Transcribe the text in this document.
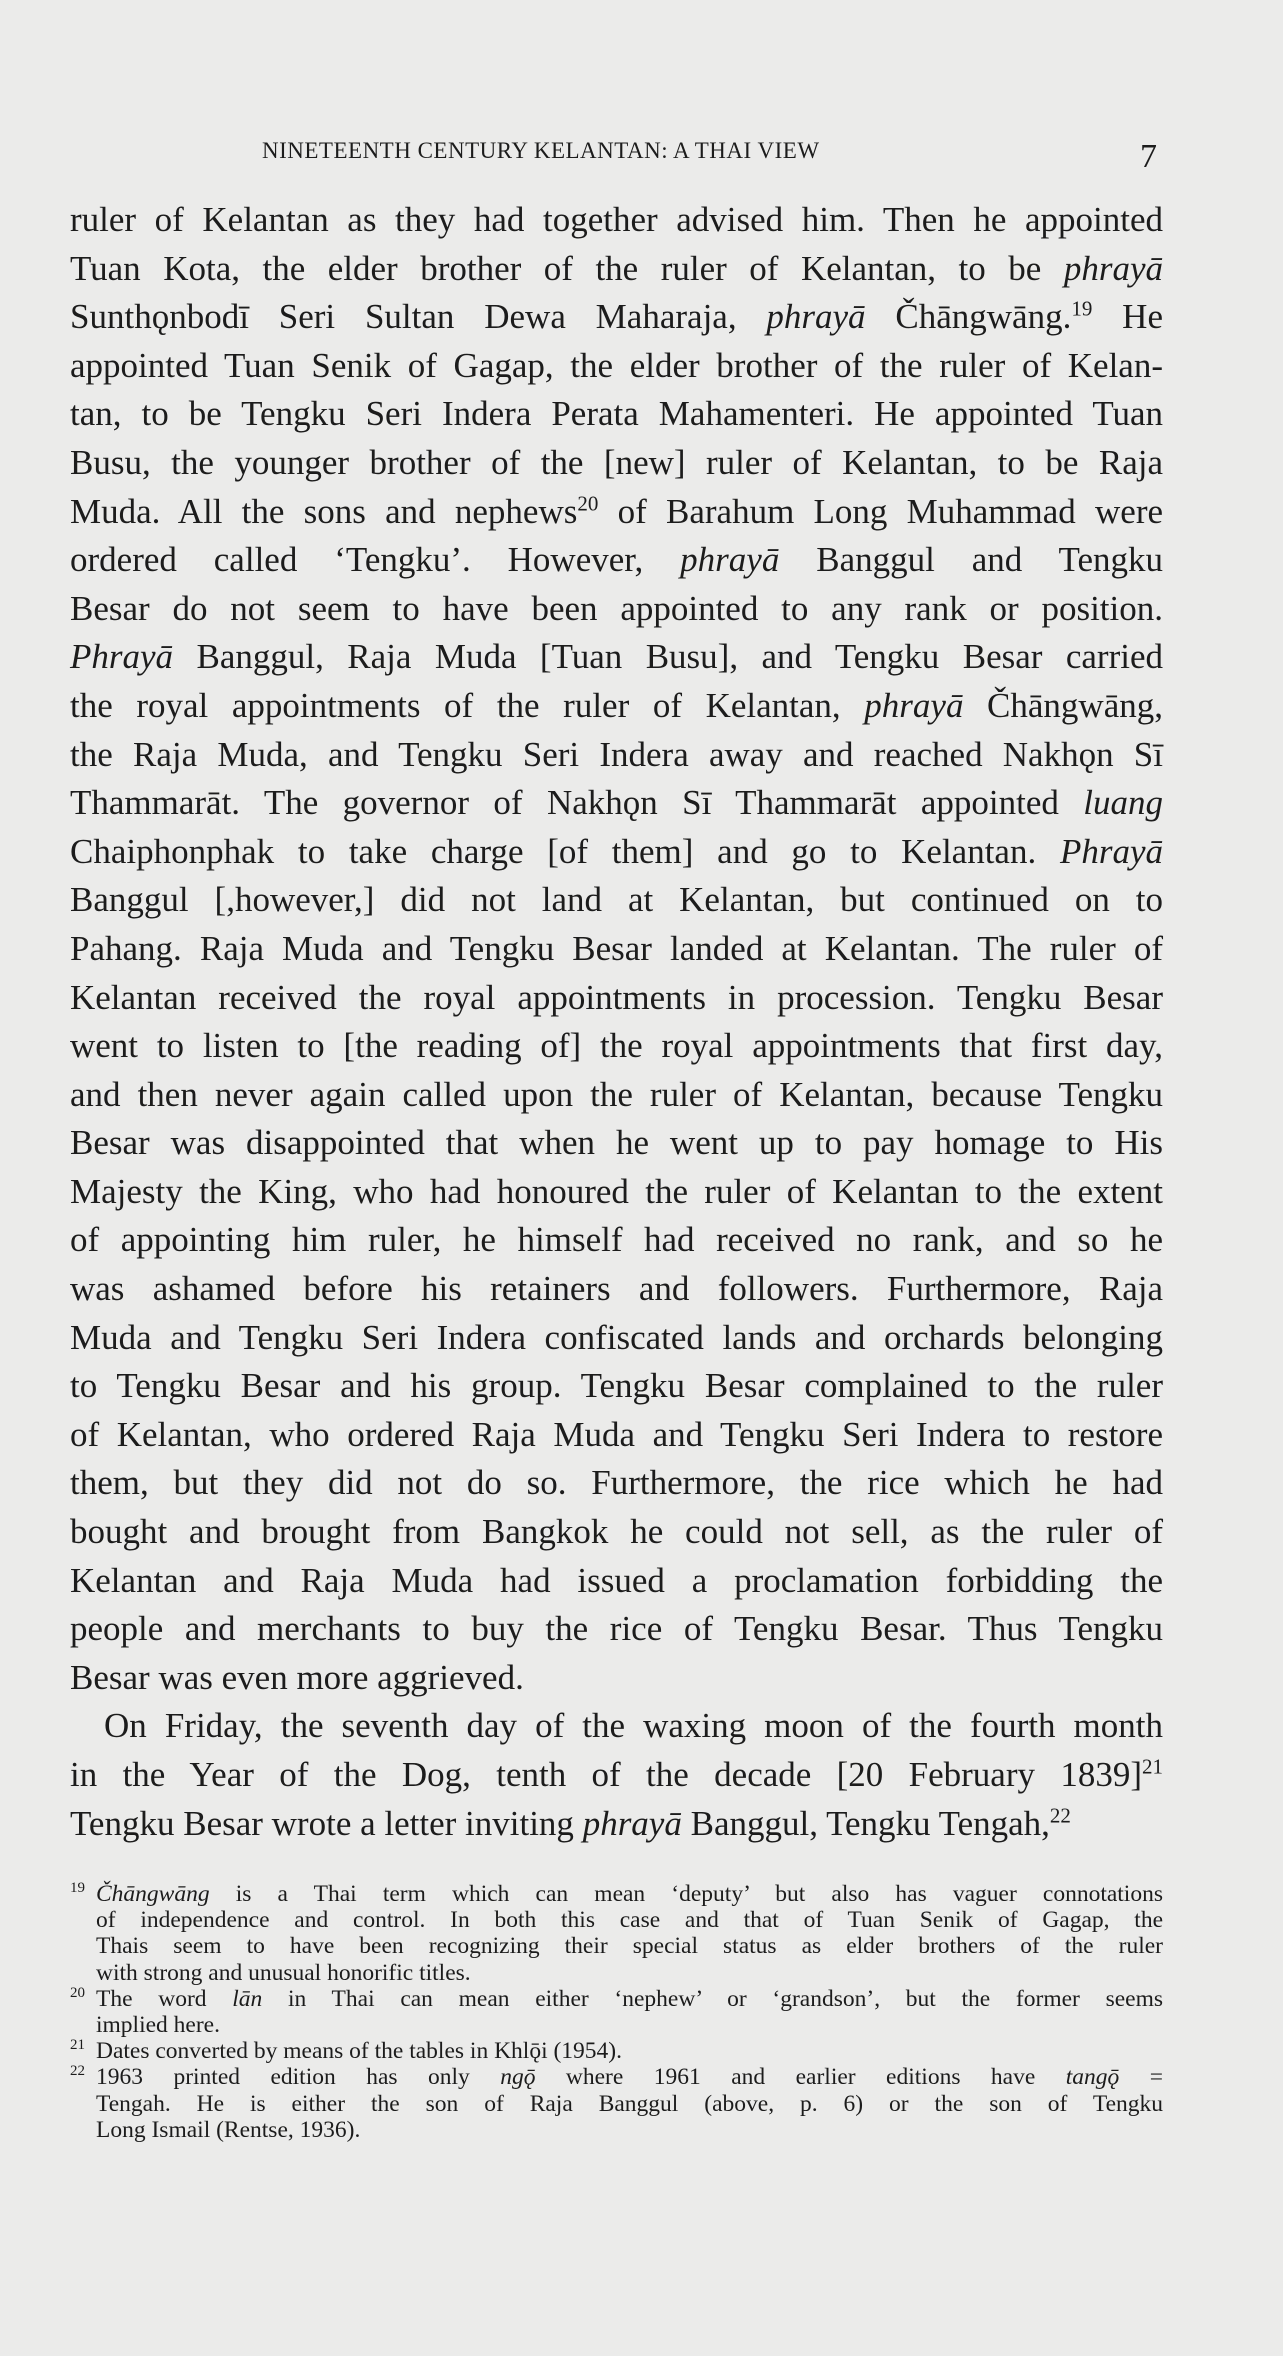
NINETEENTH CENTURY KELANTAN: A THAI VIEW	7
ruler of Kelantan as they had together advised him. Then he appointed
Tuan Kota, the elder brother of the ruler of Kelantan, to be phrayā
Sunthǫnbodī Seri Sultan Dewa Maharaja, phrayā Čhāngwāng.$^{19}$ He
appointed Tuan Senik of Gagap, the elder brother of the ruler of Kelan-
tan, to be Tengku Seri Indera Perata Mahamenteri. He appointed Tuan
Busu, the younger brother of the [new] ruler of Kelantan, to be Raja
Muda. All the sons and nephews$^{20}$ of Barahum Long Muhammad were
ordered called ‘Tengku’. However, phrayā Banggul and Tengku
Besar do not seem to have been appointed to any rank or position.
Phrayā Banggul, Raja Muda [Tuan Busu], and Tengku Besar carried
the royal appointments of the ruler of Kelantan, phrayā Čhāngwāng,
the Raja Muda, and Tengku Seri Indera away and reached Nakhǫn Sī
Thammarāt. The governor of Nakhǫn Sī Thammarāt appointed luang
Chaiphonphak to take charge [of them] and go to Kelantan. Phrayā
Banggul [,however,] did not land at Kelantan, but continued on to
Pahang. Raja Muda and Tengku Besar landed at Kelantan. The ruler of
Kelantan received the royal appointments in procession. Tengku Besar
went to listen to [the reading of] the royal appointments that first day,
and then never again called upon the ruler of Kelantan, because Tengku
Besar was disappointed that when he went up to pay homage to His
Majesty the King, who had honoured the ruler of Kelantan to the extent
of appointing him ruler, he himself had received no rank, and so he
was ashamed before his retainers and followers. Furthermore, Raja
Muda and Tengku Seri Indera confiscated lands and orchards belonging
to Tengku Besar and his group. Tengku Besar complained to the ruler
of Kelantan, who ordered Raja Muda and Tengku Seri Indera to restore
them, but they did not do so. Furthermore, the rice which he had
bought and brought from Bangkok he could not sell, as the ruler of
Kelantan and Raja Muda had issued a proclamation forbidding the
people and merchants to buy the rice of Tengku Besar. Thus Tengku
Besar was even more aggrieved.
On Friday, the seventh day of the waxing moon of the fourth month
in the Year of the Dog, tenth of the decade [20 February 1839]$^{21}$
Tengku Besar wrote a letter inviting phrayā Banggul, Tengku Tengah,$^{22}$
19 Čhāngwāng is a Thai term which can mean ‘deputy’ but also has vaguer connotations
of independence and control. In both this case and that of Tuan Senik of Gagap, the
Thais seem to have been recognizing their special status as elder brothers of the ruler
with strong and unusual honorific titles.
20 The word lān in Thai can mean either ‘nephew’ or ‘grandson’, but the former seems
implied here.
21 Dates converted by means of the tables in Khlǭi (1954).
22 1963 printed edition has only ngǭ where 1961 and earlier editions have tangǭ =
Tengah. He is either the son of Raja Banggul (above, p. 6) or the son of Tengku
Long Ismail (Rentse, 1936).
